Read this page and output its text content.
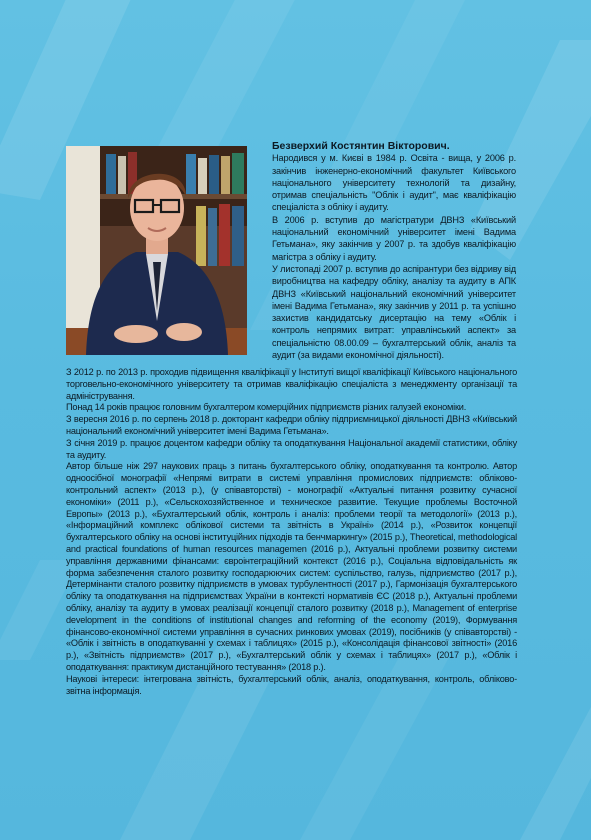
Безверхий Костянтин Вікторович.

Народився у м. Києві в 1984 р. Освіта - вища, у 2006 р. закінчив інженерно-економічний факультет Київського національного університету технологій та дизайну, отримав спеціальність "Облік і аудит", має кваліфікацію спеціаліста з обліку і аудиту.

В 2006 р. вступив до магістратури ДВНЗ «Київський національний економічний університет імені Вадима Гетьмана», яку закінчив у 2007 р. та здобув кваліфікацію магістра з обліку і аудиту.

У листопаді 2007 р. вступив до аспірантури без відриву від виробництва на кафедру обліку, аналізу та аудиту в АПК ДВНЗ «Київський національний економічний університет імені Вадима Гетьмана», яку закінчив у 2011 р. та успішно захистив кандидатську дисертацію на тему «Облік і контроль непрямих витрат: управлінський аспект» за спеціальністю 08.00.09 – бухгалтерський облік, аналіз та аудит (за видами економічної діяльності).

З 2012 р. по 2013 р. проходив підвищення кваліфікації у Інституті вищої кваліфікації Київського національного торговельно-економічного університету та отримав кваліфікацію спеціаліста з менеджменту організації та адміністрування.

Понад 14 років працює головним бухгалтером комерційних підприємств різних галузей економіки.

З вересня 2016 р. по серпень 2018 р. докторант кафедри обліку підприємницької діяльності ДВНЗ «Київський національний економічний університет імені Вадима Гетьмана».

З січня 2019 р. працює доцентом кафедри обліку та оподаткування Національної академії статистики, обліку та аудиту.

Автор більше ніж 297 наукових праць з питань бухгалтерського обліку, оподаткування та контролю. Автор одноосібної монографії «Непрямі витрати в системі управління промислових підприємств: обліково-контрольний аспект» (2013 р.), (у співавторстві) - монографії «Актуальні питання розвитку сучасної економіки» (2011 р.), «Сельскохозяйственное и техническое развитие. Текущие проблемы Восточной Европы» (2013 р.), «Бухгалтерський облік, контроль і аналіз: проблеми теорії та методології» (2013 р.), «Інформаційний комплекс облікової системи та звітність в Україні» (2014 р.), «Розвиток концепції бухгалтерського обліку на основі інституційних підходів та бенчмаркингу» (2015 р.), Theoretical, methodological and practical foundations of human resources managemen (2016 р.), Актуальні проблеми розвитку системи управління державними фінансами: євроінтеграційний контекст (2016 р.), Соціальна відповідальність як форма забезпечення сталого розвитку господарюючих систем: суспільство, галузь, підприємство (2017 р.), Детермінанти сталого розвитку підприємств в умовах турбулентності (2017 р.), Гармонізація бухгалтерського обліку та оподаткування на підприємствах України в контексті нормативів ЄС (2018 р.), Актуальні проблеми обліку, аналізу та аудиту в умовах реалізації концепції сталого розвитку (2018 р.), Management of enterprise development in the conditions of institutional changes and reforming of the economy (2019), Формування фінансово-економічної системи управління в сучасних ринкових умовах (2019), посібників (у співавторстві) - «Облік і звітність в оподаткуванні у схемах і таблицях» (2015 р.), «Консолідація фінансової звітності» (2016 р.), «Звітність підприємств» (2017 р.), «Бухгалтерський облік у схемах і таблицях» (2017 р.), «Облік і оподаткування: практикум дистанційного тестування» (2018 р.).

Наукові інтереси: інтегрована звітність, бухгалтерський облік, аналіз, оподаткування, контроль, обліково-звітна інформація.
